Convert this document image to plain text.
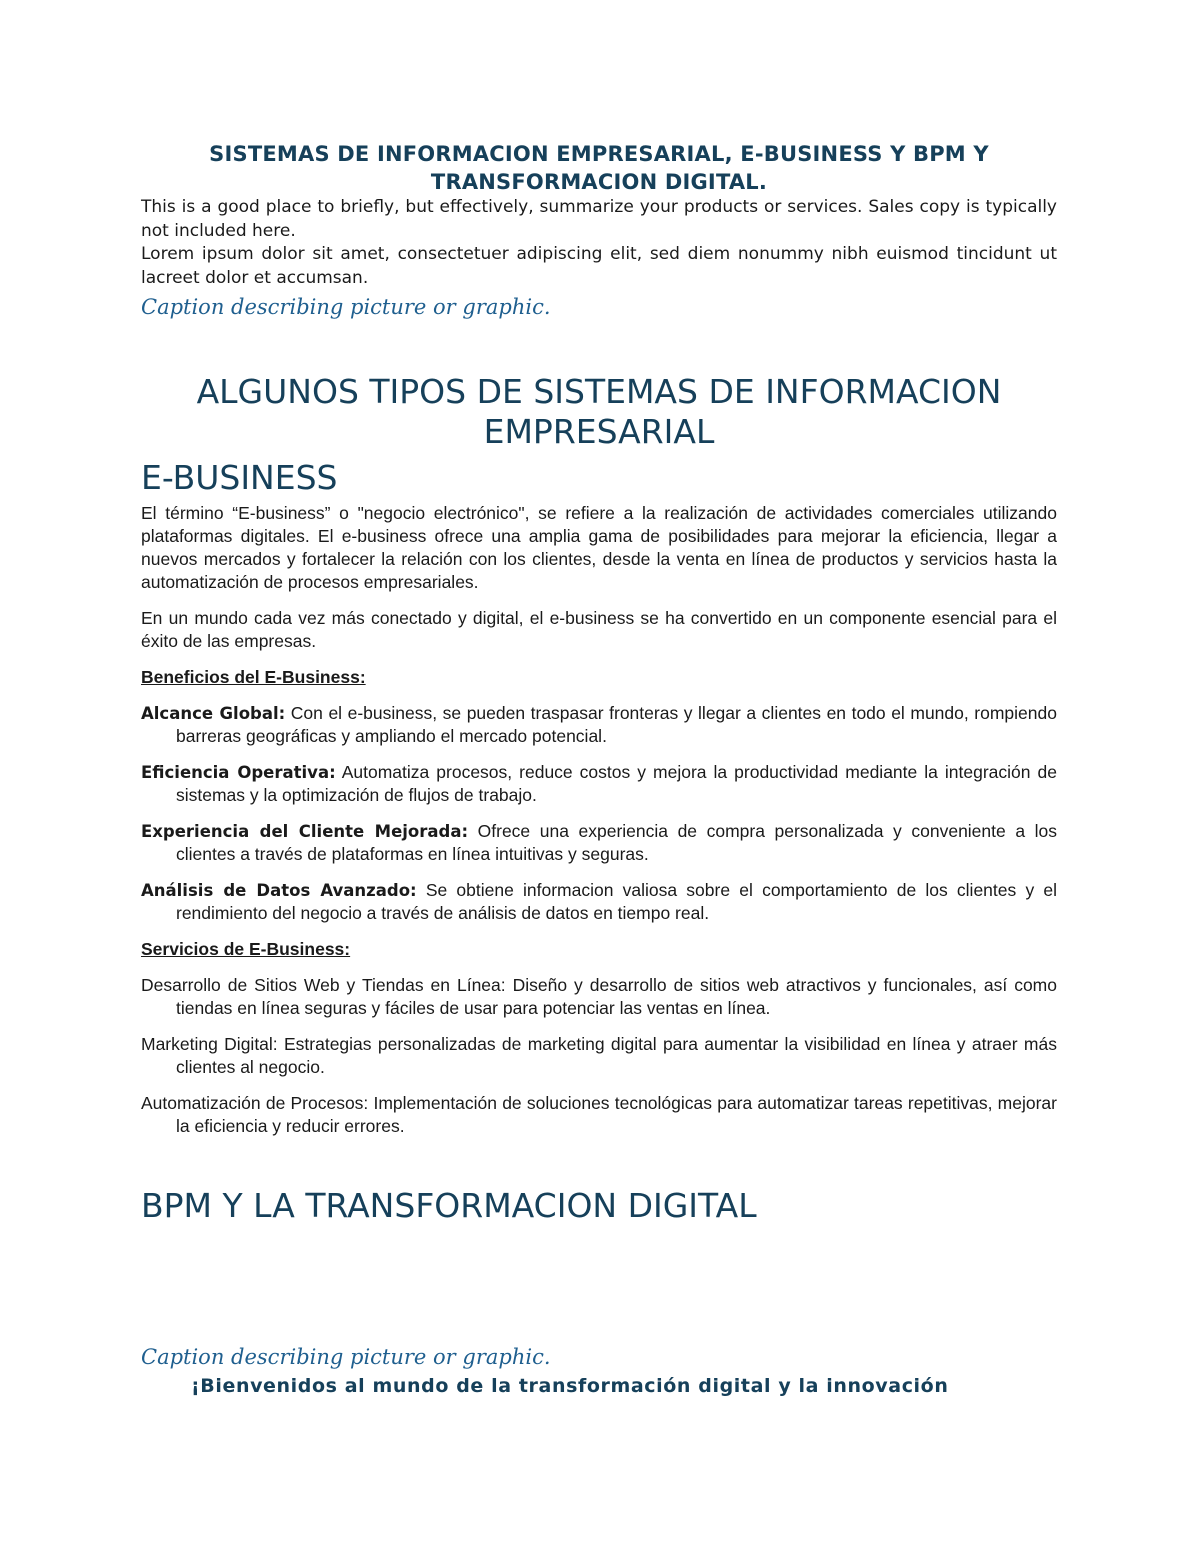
SISTEMAS DE INFORMACION EMPRESARIAL, E-BUSINESS Y BPM Y
TRANSFORMACION DIGITAL.

This is a good place to briefly, but effectively, summarize your products or services. Sales copy is typically not included here.

Lorem ipsum dolor sit amet, consectetuer adipiscing elit, sed diem nonummy nibh euismod tincidunt ut lacreet dolor et accumsan.

Caption describing picture or graphic.

ALGUNOS TIPOS DE SISTEMAS DE INFORMACION
EMPRESARIAL
E-BUSINESS

El término “E-business” o "negocio electrónico", se refiere a la realización de actividades comerciales utilizando plataformas digitales. El e-business ofrece una amplia gama de posibilidades para mejorar la eficiencia, llegar a nuevos mercados y fortalecer la relación con los clientes, desde la venta en línea de productos y servicios hasta la automatización de procesos empresariales.

En un mundo cada vez más conectado y digital, el e-business se ha convertido en un componente esencial para el éxito de las empresas.

Beneficios del E-Business:

Alcance Global: Con el e-business, se pueden traspasar fronteras y llegar a clientes en todo el mundo, rompiendo barreras geográficas y ampliando el mercado potencial.

Eficiencia Operativa: Automatiza procesos, reduce costos y mejora la productividad mediante la integración de sistemas y la optimización de flujos de trabajo.

Experiencia del Cliente Mejorada: Ofrece una experiencia de compra personalizada y conveniente a los clientes a través de plataformas en línea intuitivas y seguras.

Análisis de Datos Avanzado: Se obtiene informacion valiosa sobre el comportamiento de los clientes y el rendimiento del negocio a través de análisis de datos en tiempo real.

Servicios de E-Business:

Desarrollo de Sitios Web y Tiendas en Línea: Diseño y desarrollo de sitios web atractivos y funcionales, así como tiendas en línea seguras y fáciles de usar para potenciar las ventas en línea.

Marketing Digital: Estrategias personalizadas de marketing digital para aumentar la visibilidad en línea y atraer más clientes al negocio.

Automatización de Procesos: Implementación de soluciones tecnológicas para automatizar tareas repetitivas, mejorar la eficiencia y reducir errores.

BPM Y LA TRANSFORMACION DIGITAL

Caption describing picture or graphic.

¡Bienvenidos al mundo de la transformación digital y la innovación
